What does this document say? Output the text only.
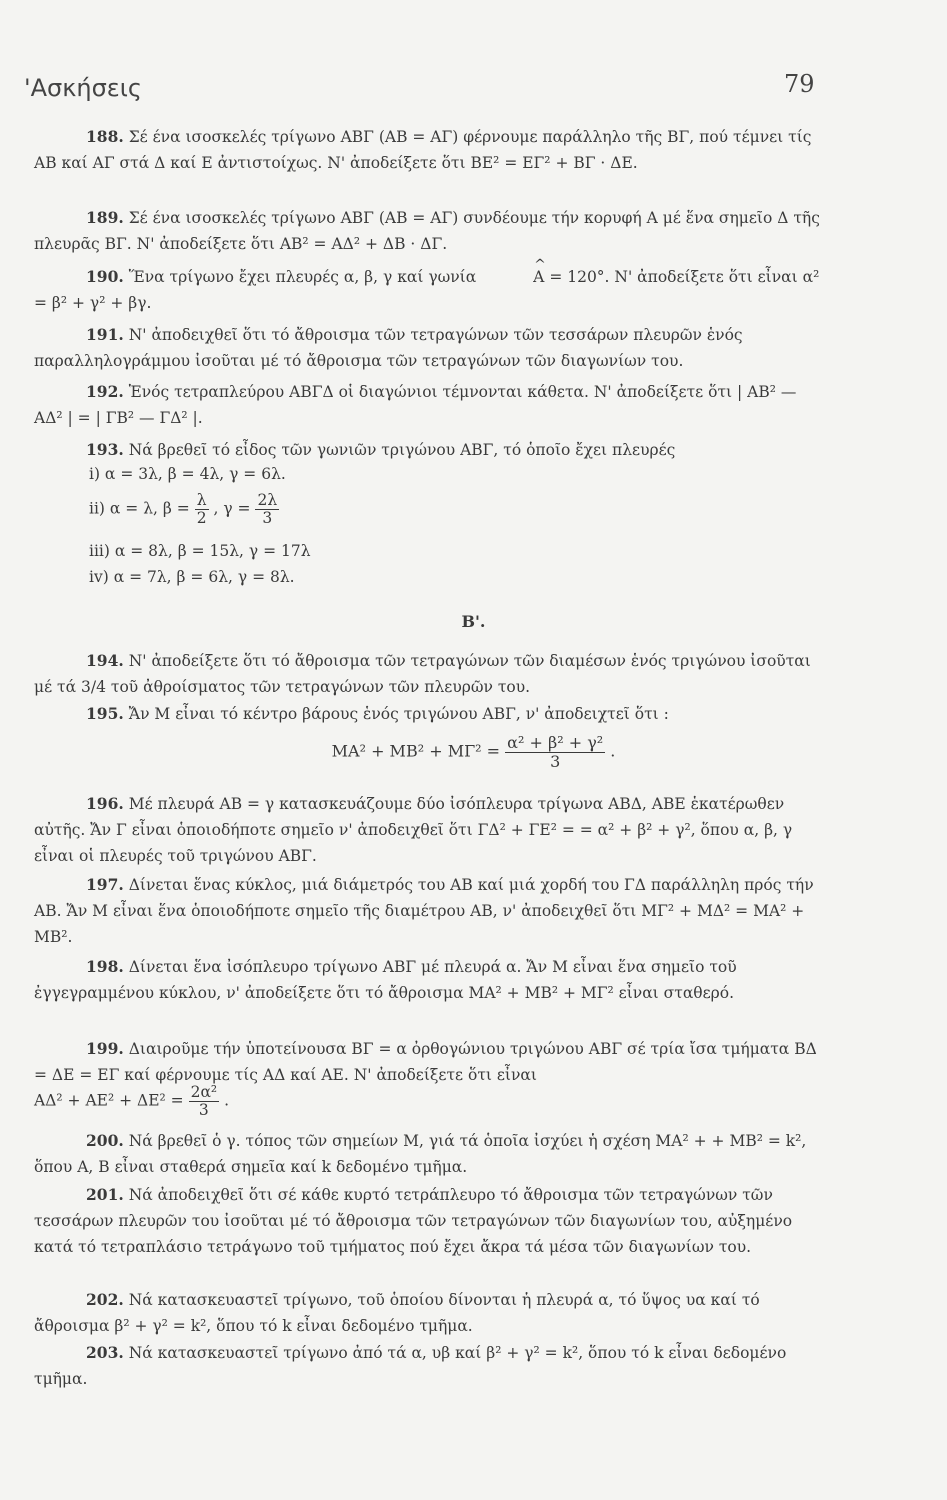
'Ασκήσεις	79
188. Σέ ένα ισοσκελές τρίγωνο ΑΒΓ (ΑΒ = ΑΓ) φέρνουμε παράλληλο τῆς ΒΓ, πού τέμνει τίς ΑΒ καί ΑΓ στά Δ καί Ε ἀντιστοίχως. Ν' ἀποδείξετε ὅτι ΒΕ² = ΕΓ² + ΒΓ · ΔΕ.
189. Σέ ένα ισοσκελές τρίγωνο ΑΒΓ (ΑΒ = ΑΓ) συνδέουμε τήν κορυφή Α μέ ἕνα σημεῖο Δ τῆς πλευρᾶς ΒΓ. Ν' ἀποδείξετε ὅτι ΑΒ² = ΑΔ² + ΔΒ · ΔΓ.
190. Ἕνα τρίγωνο ἔχει πλευρές α, β, γ καί γωνία ^	Α = 120°. Ν' ἀποδείξετε ὅτι εἶναι α² = β² + γ² + βγ.
191. Ν' ἀποδειχθεῖ ὅτι τό ἄθροισμα τῶν τετραγώνων τῶν τεσσάρων πλευρῶν ἑνός παραλληλογράμμου ἰσοῦται μέ τό ἄθροισμα τῶν τετραγώνων τῶν διαγωνίων του.
192. Ἑνός τετραπλεύρου ΑΒΓΔ οἱ διαγώνιοι τέμνονται κάθετα. Ν' ἀποδείξετε ὅτι | ΑΒ² — ΑΔ² | = | ΓΒ² — ΓΔ² |.
193. Νά βρεθεῖ τό εἶδος τῶν γωνιῶν τριγώνου ΑΒΓ, τό ὁποῖο ἔχει πλευρές
i) α = 3λ, β = 4λ, γ = 6λ.
ii) α = λ, $\beta = \frac{\lambda}{2}$ , $\gamma = \frac{2\lambda}{3}$
iii) α = 8λ, β = 15λ, γ = 17λ
iv) α = 7λ, β = 6λ, γ = 8λ.
Β'.
194. Ν' ἀποδείξετε ὅτι τό ἄθροισμα τῶν τετραγώνων τῶν διαμέσων ἑνός τριγώνου ἰσοῦται μέ τά 3/4 τοῦ ἀθροίσματος τῶν τετραγώνων τῶν πλευρῶν του.
195. Ἄν Μ εἶναι τό κέντρο βάρους ἑνός τριγώνου ΑΒΓ, ν' ἀποδειχτεῖ ὅτι :
$MA^2 + MB^2 + M\Gamma^2 = \frac{\text{α² + β² + γ²}}{3}$ .
196. Μέ πλευρά ΑΒ = γ κατασκευάζουμε δύο ἰσόπλευρα τρίγωνα ΑΒΔ, ΑΒΕ ἑκατέρωθεν αὐτῆς. Ἄν Γ εἶναι ὁποιοδήποτε σημεῖο ν' ἀποδειχθεῖ ὅτι ΓΔ² + ΓΕ² = = α² + β² + γ², ὅπου α, β, γ εἶναι οἱ πλευρές τοῦ τριγώνου ΑΒΓ.
197. Δίνεται ἕνας κύκλος, μιά διάμετρός του ΑΒ καί μιά χορδή του ΓΔ παράλληλη πρός τήν ΑΒ. Ἄν Μ εἶναι ἕνα ὁποιοδήποτε σημεῖο τῆς διαμέτρου ΑΒ, ν' ἀποδειχθεῖ ὅτι ΜΓ² + ΜΔ² = ΜΑ² + ΜΒ².
198. Δίνεται ἕνα ἰσόπλευρο τρίγωνο ΑΒΓ μέ πλευρά α. Ἄν Μ εἶναι ἕνα σημεῖο τοῦ ἐγγεγραμμένου κύκλου, ν' ἀποδείξετε ὅτι τό ἄθροισμα ΜΑ² + ΜΒ² + ΜΓ² εἶναι σταθερό.
199. Διαιροῦμε τήν ὑποτείνουσα ΒΓ = α ὀρθογώνιου τριγώνου ΑΒΓ σέ τρία ἴσα τμήματα ΒΔ = ΔΕ = ΕΓ καί φέρνουμε τίς ΑΔ καί ΑΕ. Ν' ἀποδείξετε ὅτι εἶναι
$A\Delta^2 + AE^2 + \Delta E^2 = \frac{\text{2α²}}{3}$ .
200. Νά βρεθεῖ ὁ γ. τόπος τῶν σημείων Μ, γιά τά ὁποῖα ἰσχύει ἡ σχέση ΜΑ² + + ΜΒ² = k², ὅπου Α, Β εἶναι σταθερά σημεῖα καί k δεδομένο τμῆμα.
201. Νά ἀποδειχθεῖ ὅτι σέ κάθε κυρτό τετράπλευρο τό ἄθροισμα τῶν τετραγώνων τῶν τεσσάρων πλευρῶν του ἰσοῦται μέ τό ἄθροισμα τῶν τετραγώνων τῶν διαγωνίων του, αὐξημένο κατά τό τετραπλάσιο τετράγωνο τοῦ τμήματος πού ἔχει ἄκρα τά μέσα τῶν διαγωνίων του.
202. Νά κατασκευαστεῖ τρίγωνο, τοῦ ὁποίου δίνονται ἡ πλευρά α, τό ὕψος υα καί τό ἄθροισμα β² + γ² = k², ὅπου τό k εἶναι δεδομένο τμῆμα.
203. Νά κατασκευαστεῖ τρίγωνο ἀπό τά α, υβ καί β² + γ² = k², ὅπου τό k εἶναι δεδομένο τμῆμα.
